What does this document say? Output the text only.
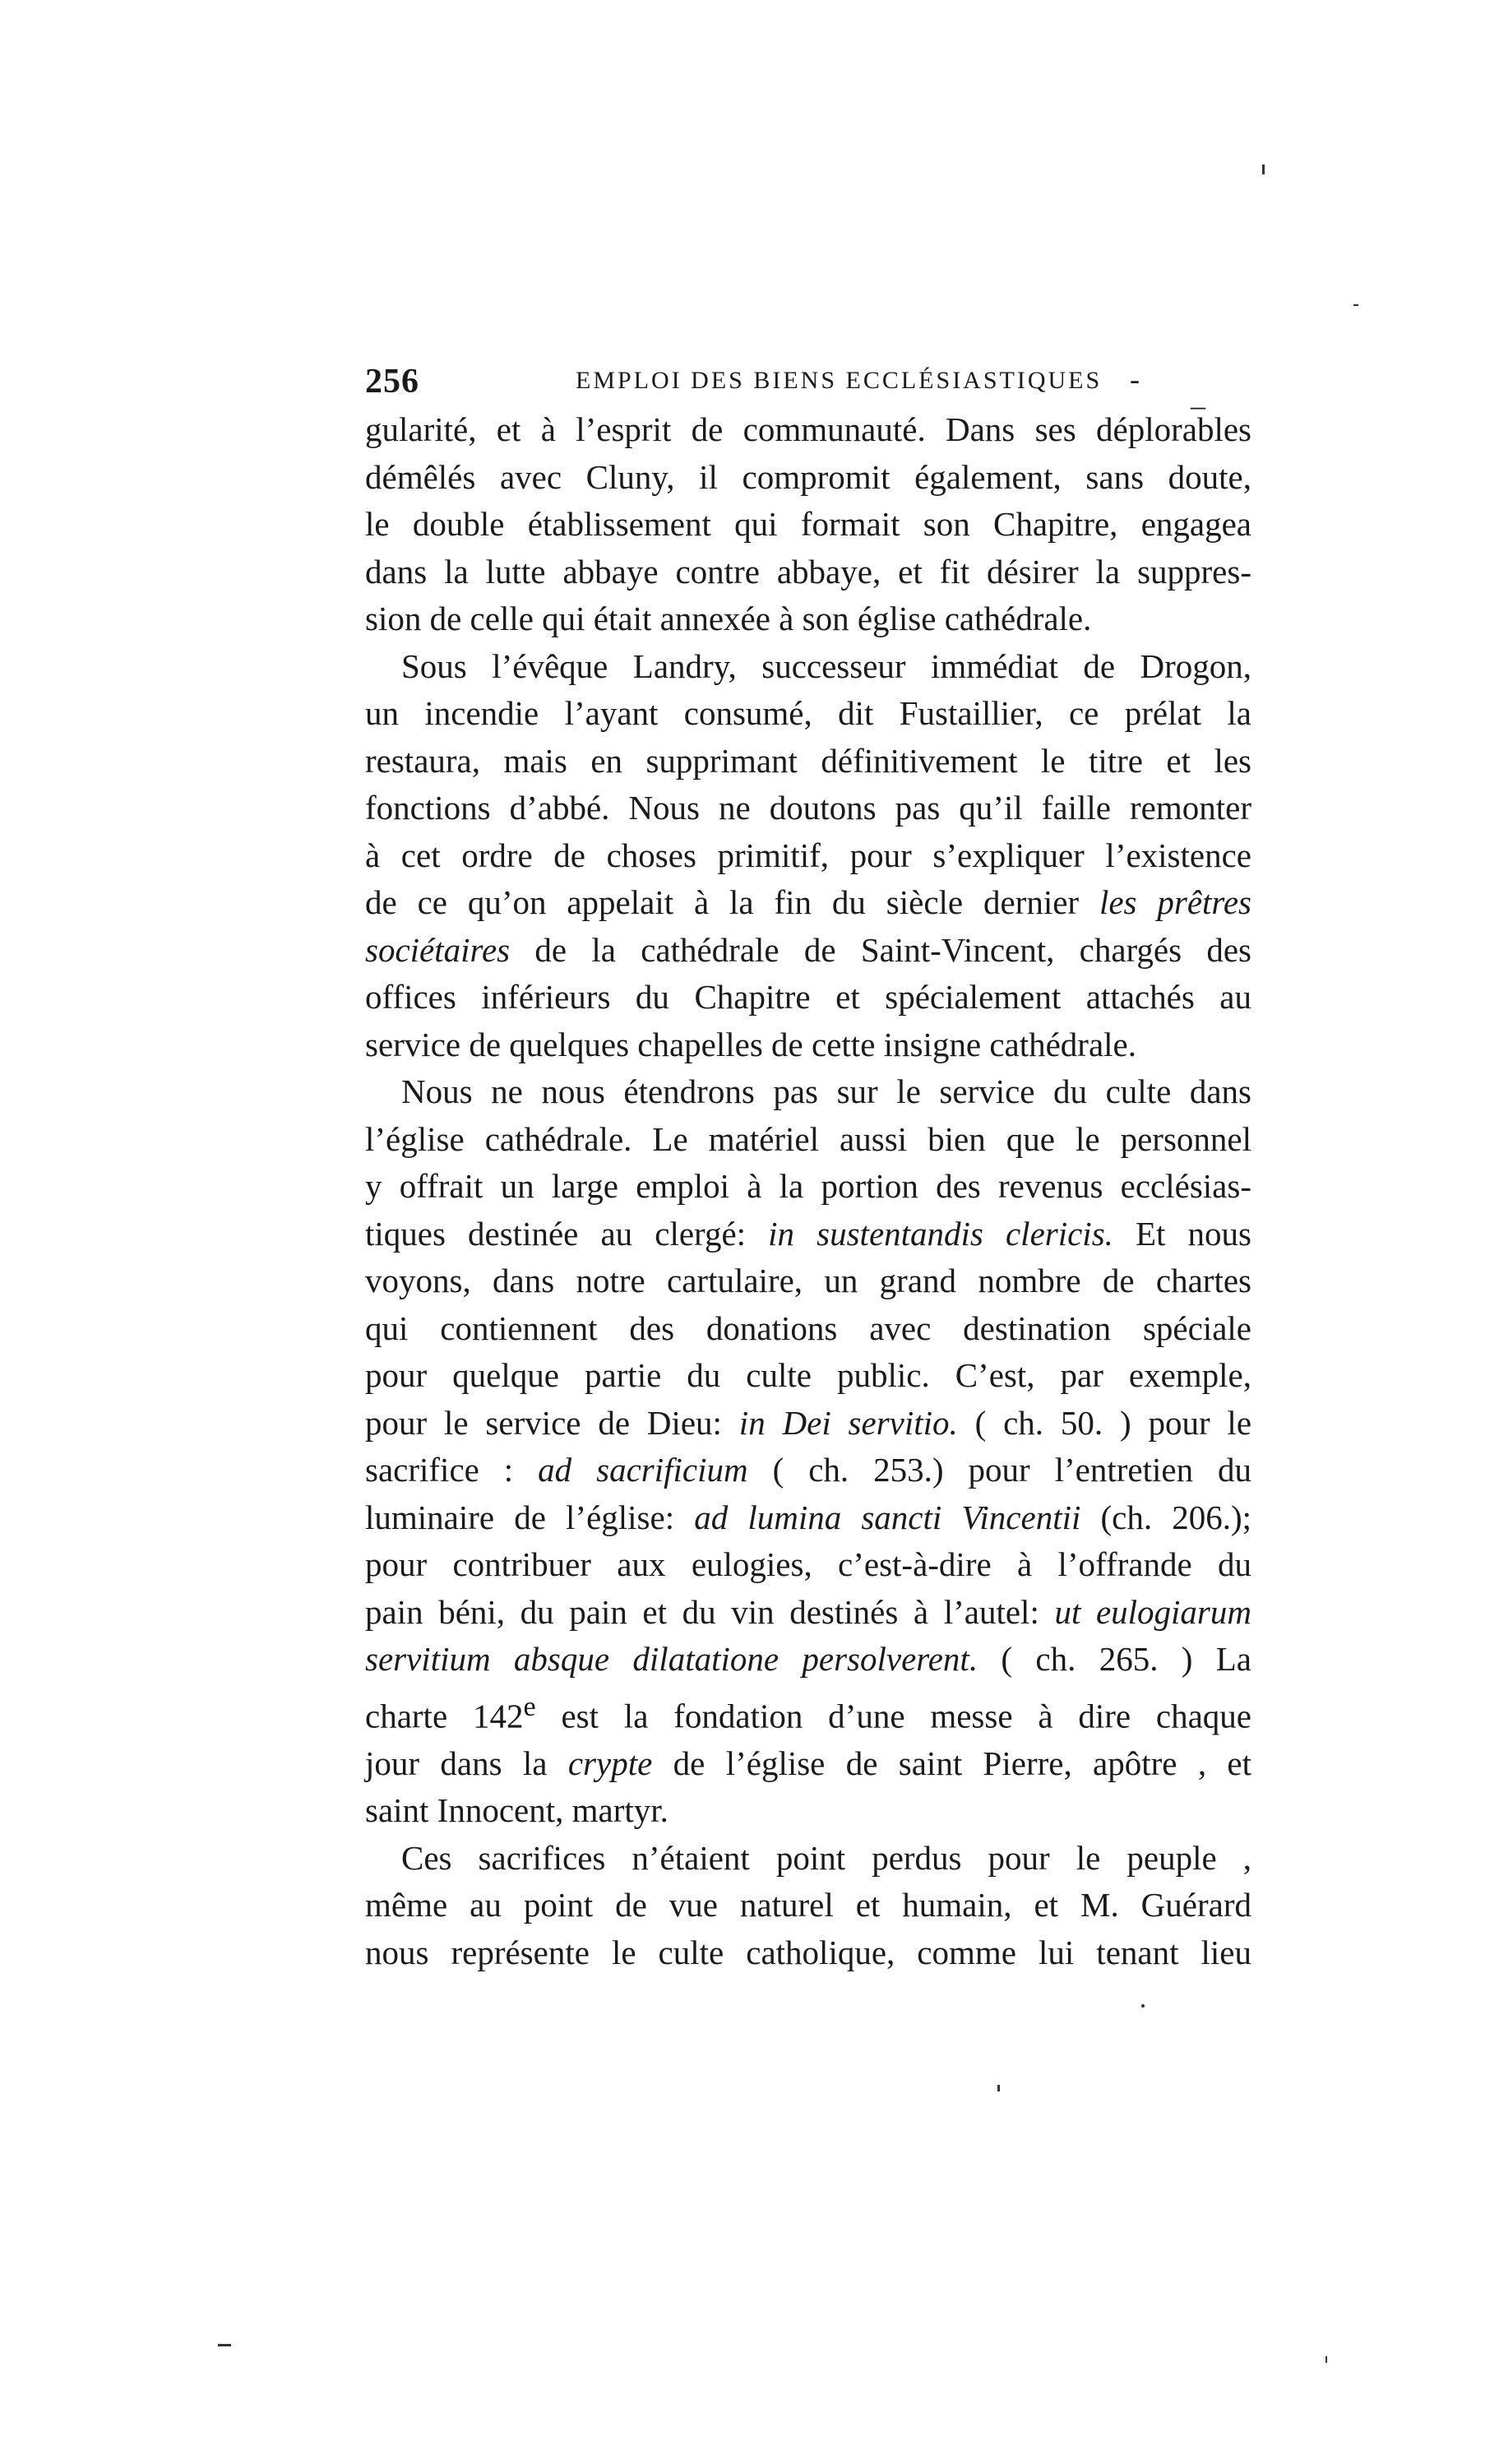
256	EMPLOI DES BIENS ECCLÉSIASTIQUES - _

gularité, et à l’esprit de communauté. Dans ses déplorables
démêlés avec Cluny, il compromit également, sans doute,
le double établissement qui formait son Chapitre, engagea
dans la lutte abbaye contre abbaye, et fit désirer la suppres-
sion de celle qui était annexée à son église cathédrale.

Sous l’évêque Landry, successeur immédiat de Drogon,
un incendie l’ayant consumé, dit Fustaillier, ce prélat la
restaura, mais en supprimant définitivement le titre et les
fonctions d’abbé. Nous ne doutons pas qu’il faille remonter
à cet ordre de choses primitif, pour s’expliquer l’existence
de ce qu’on appelait à la fin du siècle dernier les prêtres
sociétaires de la cathédrale de Saint-Vincent, chargés des
offices inférieurs du Chapitre et spécialement attachés au
service de quelques chapelles de cette insigne cathédrale.

Nous ne nous étendrons pas sur le service du culte dans
l’église cathédrale. Le matériel aussi bien que le personnel
y offrait un large emploi à la portion des revenus ecclésias-
tiques destinée au clergé: in sustentandis clericis. Et nous
voyons, dans notre cartulaire, un grand nombre de chartes
qui contiennent des donations avec destination spéciale
pour quelque partie du culte public. C’est, par exemple,
pour le service de Dieu: in Dei servitio. ( ch. 50. ) pour le
sacrifice : ad sacrificium ( ch. 253.) pour l’entretien du
luminaire de l’église: ad lumina sancti Vincentii (ch. 206.);
pour contribuer aux eulogies, c’est-à-dire à l’offrande du
pain béni, du pain et du vin destinés à l’autel: ut eulogiarum
servitium absque dilatatione persolverent. ( ch. 265. ) La
charte 142e est la fondation d’une messe à dire chaque
jour dans la crypte de l’église de saint Pierre, apôtre , et
saint Innocent, martyr.

Ces sacrifices n’étaient point perdus pour le peuple ,
même au point de vue naturel et humain, et M. Guérard
nous représente le culte catholique, comme lui tenant lieu
